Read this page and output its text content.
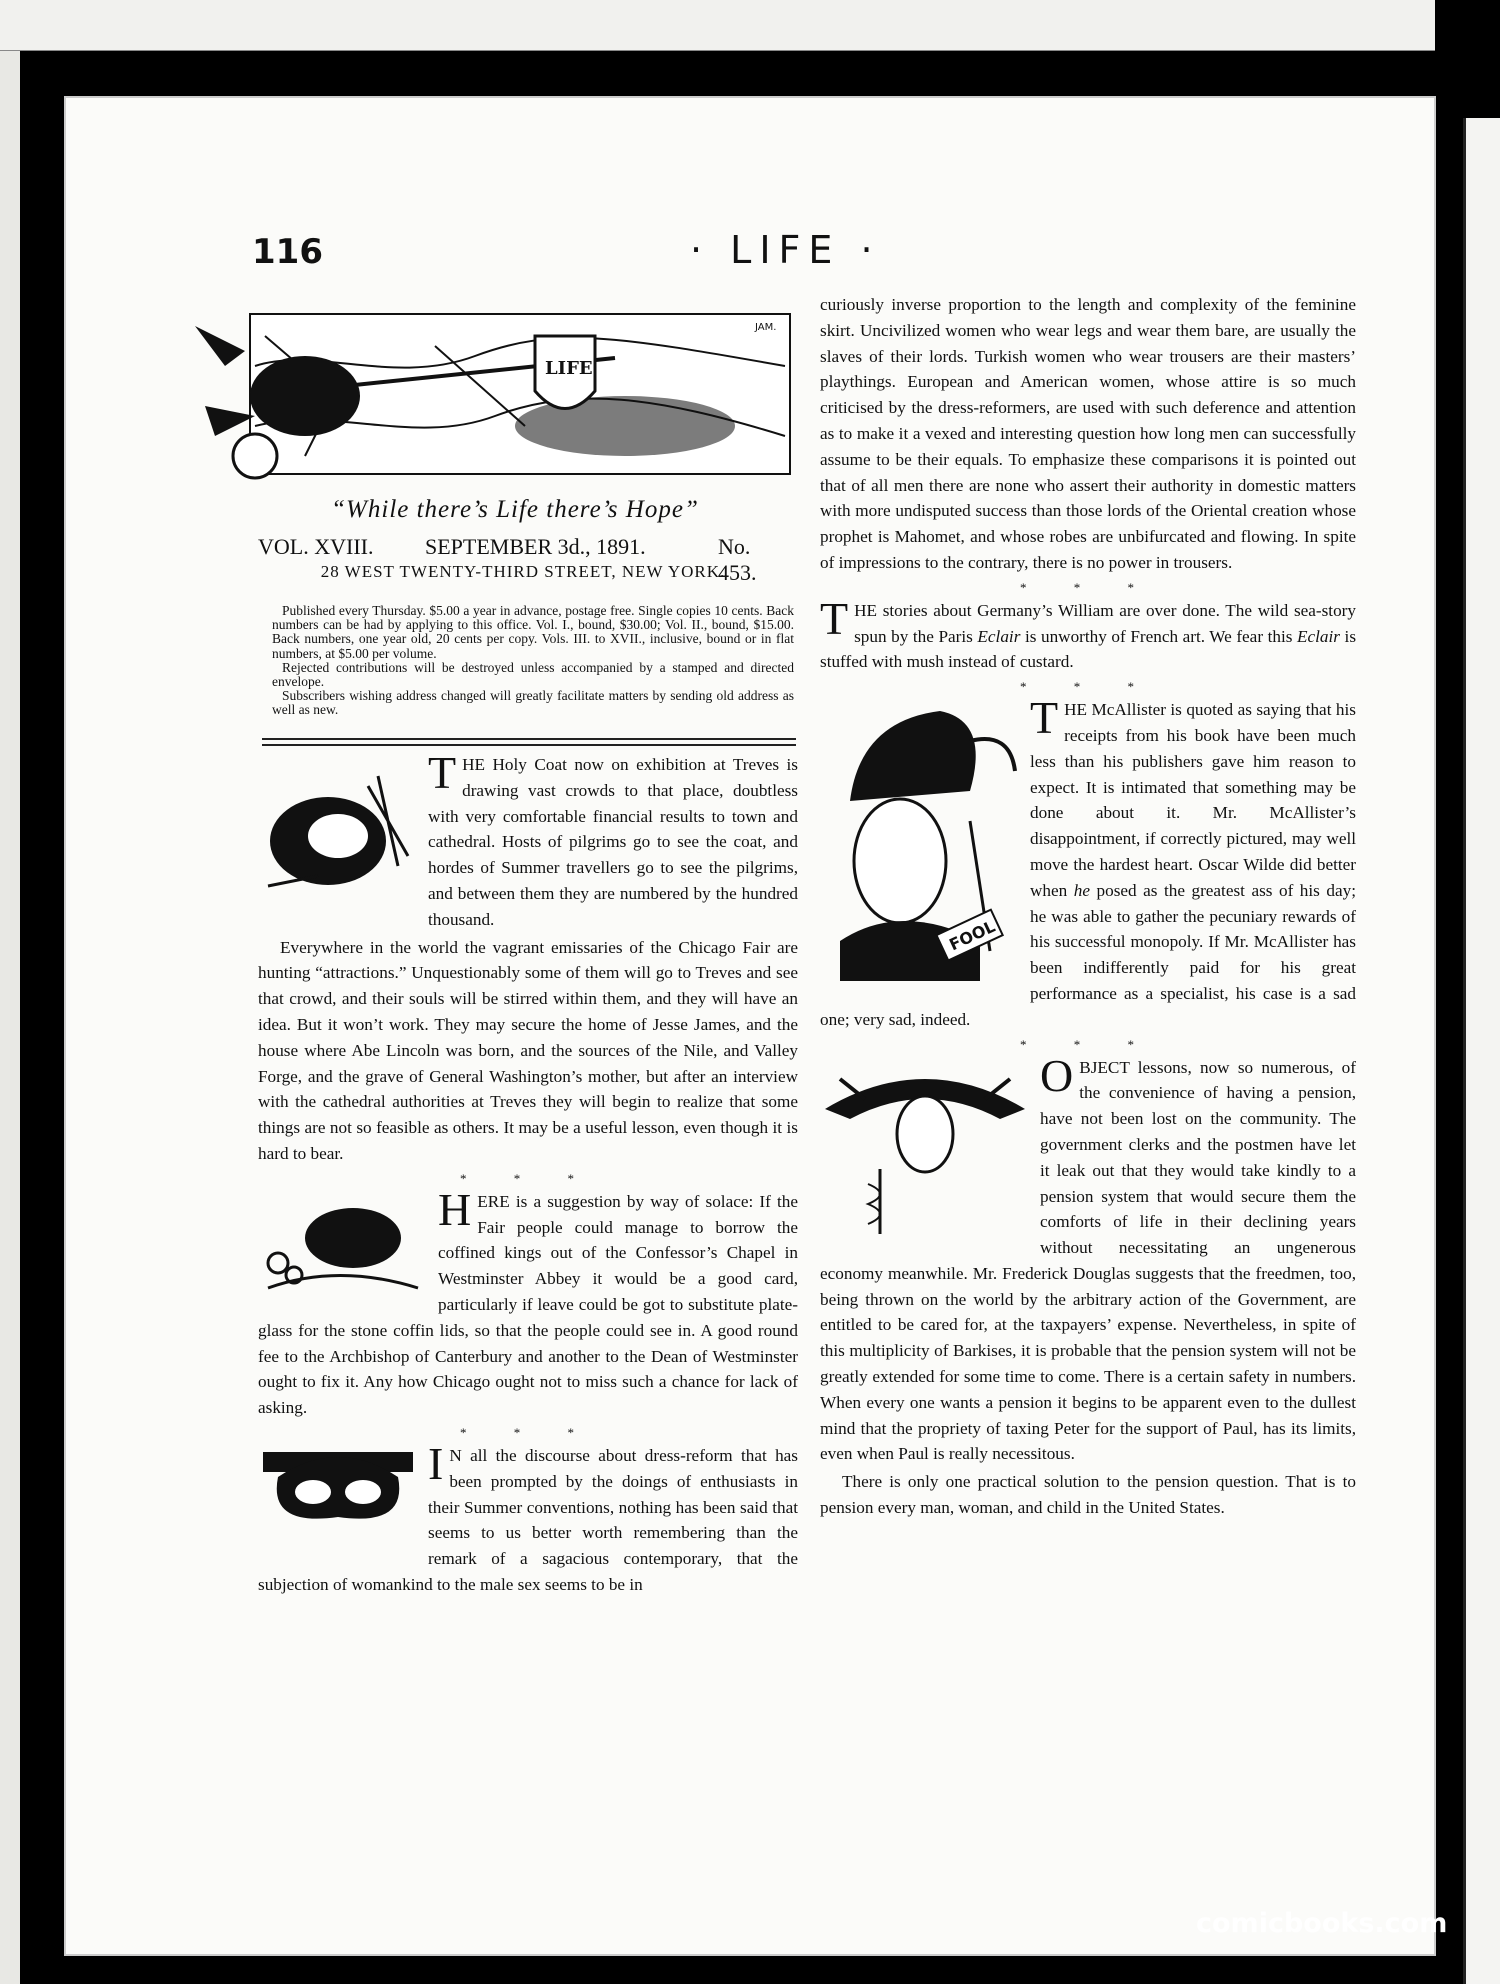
116	· LIFE ·
LIFE
JAM.
“While there’s Life there’s Hope”
VOL. XVIII. SEPTEMBER 3d., 1891.	No. 453.
28 WEST TWENTY-THIRD STREET, NEW YORK.

Published every Thursday. $5.00 a year in advance, postage free. Single copies 10 cents. Back numbers can be had by applying to this office. Vol. I., bound, $30.00; Vol. II., bound, $15.00. Back numbers, one year old, 20 cents per copy. Vols. III. to XVII., inclusive, bound or in flat numbers, at $5.00 per volume.

Rejected contributions will be destroyed unless accompanied by a stamped and directed envelope.

Subscribers wishing address changed will greatly facilitate matters by sending old address as well as new.

T HE Holy Coat now on exhibition at Treves is drawing vast crowds to that place, doubtless with very comfortable financial results to town and cathedral. Hosts of pilgrims go to see the coat, and hordes of Summer travellers go to see the pilgrims, and between them they are numbered by the hundred thousand.

Everywhere in the world the vagrant emissaries of the Chicago Fair are hunting “attractions.” Unquestionably some of them will go to Treves and see that crowd, and their souls will be stirred within them, and they will have an idea. But it won’t work. They may secure the home of Jesse James, and the house where Abe Lincoln was born, and the sources of the Nile, and Valley Forge, and the grave of General Washington’s mother, but after an interview with the cathedral authorities at Treves they will begin to realize that some things are not so feasible as others. It may be a useful lesson, even though it is hard to bear.

* * *

H ERE is a suggestion by way of solace: If the Fair people could manage to borrow the coffined kings out of the Confessor’s Chapel in Westminster Abbey it would be a good card, particularly if leave could be got to substitute plate-glass for the stone coffin lids, so that the people could see in. A good round fee to the Archbishop of Canterbury and another to the Dean of Westminster ought to fix it. Any how Chicago ought not to miss such a chance for lack of asking.

* * *

I N all the discourse about dress-reform that has been prompted by the doings of enthusiasts in their Summer conventions, nothing has been said that seems to us better worth remembering than the remark of a sagacious contemporary, that the subjection of womankind to the male sex seems to be in

curiously inverse proportion to the length and complexity of the feminine skirt. Uncivilized women who wear legs and wear them bare, are usually the slaves of their lords. Turkish women who wear trousers are their masters’ playthings. European and American women, whose attire is so much criticised by the dress-reformers, are used with such deference and attention as to make it a vexed and interesting question how long men can successfully assume to be their equals. To emphasize these comparisons it is pointed out that of all men there are none who assert their authority in domestic matters with more undisputed success than those lords of the Oriental creation whose prophet is Mahomet, and whose robes are unbifurcated and flowing. In spite of impressions to the contrary, there is no power in trousers.

* * *

T HE stories about Germany’s William are over done. The wild sea-story spun by the Paris Eclair is unworthy of French art. We fear this Eclair is stuffed with mush instead of custard.

* * *

FOOL

T HE McAllister is quoted as saying that his receipts from his book have been much less than his publishers gave him reason to expect. It is intimated that something may be done about it. Mr. McAllister’s disappointment, if correctly pictured, may well move the hardest heart. Oscar Wilde did better when he posed as the greatest ass of his day; he was able to gather the pecuniary rewards of his successful monopoly. If Mr. McAllister has been indifferently paid for his great performance as a specialist, his case is a sad one; very sad, indeed.

* * *

O BJECT lessons, now so numerous, of the convenience of having a pension, have not been lost on the community. The government clerks and the postmen have let it leak out that they would take kindly to a pension system that would secure them the comforts of life in their declining years without necessitating an ungenerous economy meanwhile. Mr. Frederick Douglas suggests that the freedmen, too, being thrown on the world by the arbitrary action of the Government, are entitled to be cared for, at the taxpayers’ expense. Nevertheless, in spite of this multiplicity of Barkises, it is probable that the pension system will not be greatly extended for some time to come. There is a certain safety in numbers. When every one wants a pension it begins to be apparent even to the dullest mind that the propriety of taxing Peter for the support of Paul, has its limits, even when Paul is really necessitous.

There is only one practical solution to the pension question. That is to pension every man, woman, and child in the United States.

comicbooks.com
